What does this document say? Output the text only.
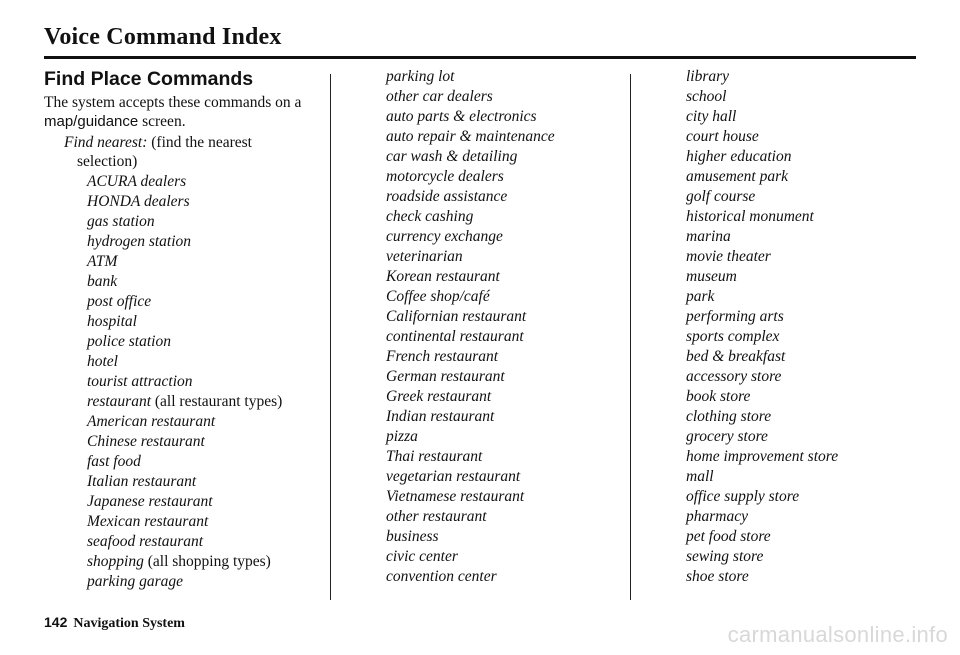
Voice Command Index
Find Place Commands
The system accepts these commands on a map/guidance screen.
Find nearest: (find the nearest
selection)
ACURA dealers
HONDA dealers
gas station
hydrogen station
ATM
bank
post office
hospital
police station
hotel
tourist attraction
restaurant (all restaurant types)
American restaurant
Chinese restaurant
fast food
Italian restaurant
Japanese restaurant
Mexican restaurant
seafood restaurant
shopping (all shopping types)
parking garage
parking lot
other car dealers
auto parts & electronics
auto repair & maintenance
car wash & detailing
motorcycle dealers
roadside assistance
check cashing
currency exchange
veterinarian
Korean restaurant
Coffee shop/café
Californian restaurant
continental restaurant
French restaurant
German restaurant
Greek restaurant
Indian restaurant
pizza
Thai restaurant
vegetarian restaurant
Vietnamese restaurant
other restaurant
business
civic center
convention center
library
school
city hall
court house
higher education
amusement park
golf course
historical monument
marina
movie theater
museum
park
performing arts
sports complex
bed & breakfast
accessory store
book store
clothing store
grocery store
home improvement store
mall
office supply store
pharmacy
pet food store
sewing store
shoe store
142 Navigation System	carmanualsonline.info
